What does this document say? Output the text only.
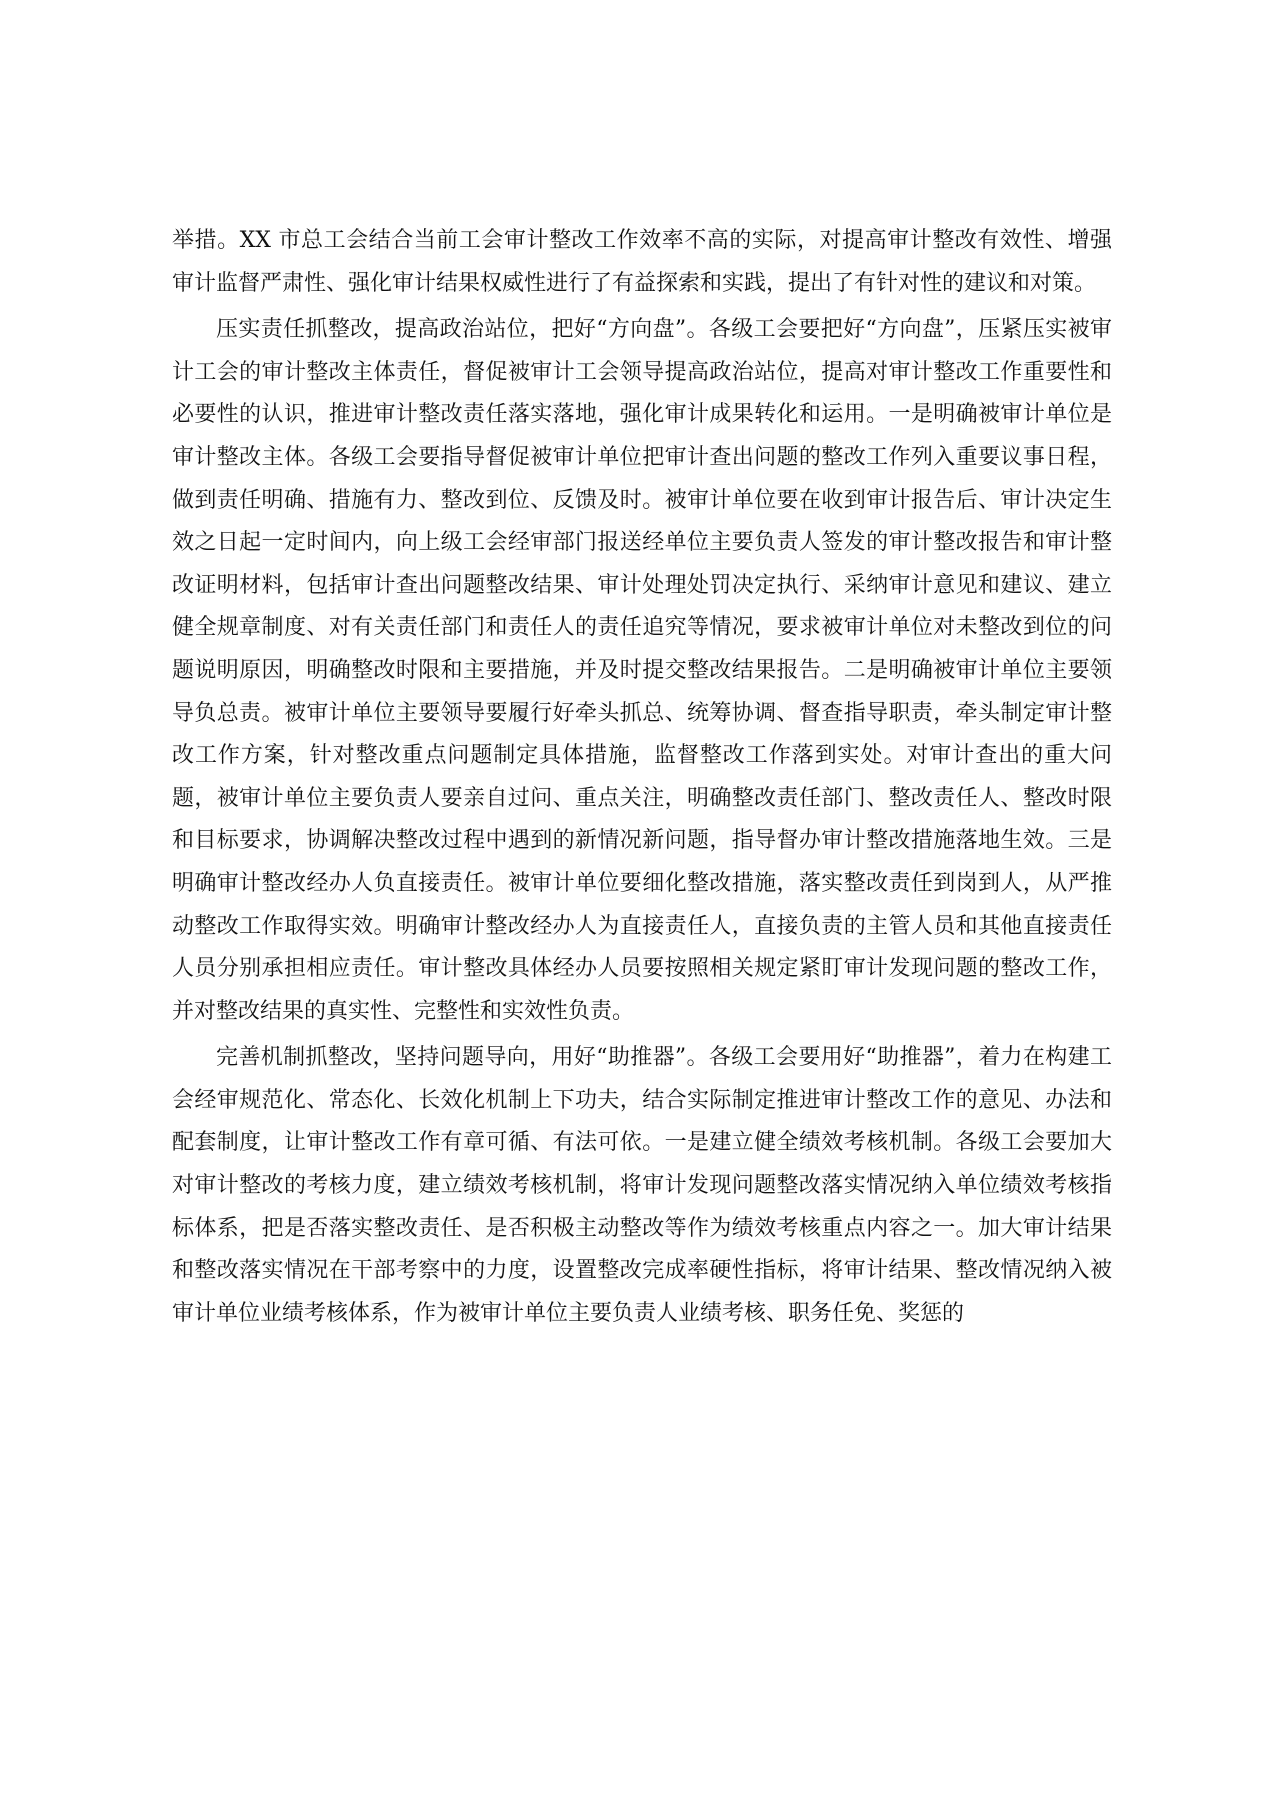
举措。XX 市总工会结合当前工会审计整改工作效率不高的实际，对提高审计整改有效性、增强审计监督严肃性、强化审计结果权威性进行了有益探索和实践，提出了有针对性的建议和对策。

压实责任抓整改，提高政治站位，把好“方向盘”。各级工会要把好“方向盘”，压紧压实被审计工会的审计整改主体责任，督促被审计工会领导提高政治站位，提高对审计整改工作重要性和必要性的认识，推进审计整改责任落实落地，强化审计成果转化和运用。一是明确被审计单位是审计整改主体。各级工会要指导督促被审计单位把审计查出问题的整改工作列入重要议事日程，做到责任明确、措施有力、整改到位、反馈及时。被审计单位要在收到审计报告后、审计决定生效之日起一定时间内，向上级工会经审部门报送经单位主要负责人签发的审计整改报告和审计整改证明材料，包括审计查出问题整改结果、审计处理处罚决定执行、采纳审计意见和建议、建立健全规章制度、对有关责任部门和责任人的责任追究等情况，要求被审计单位对未整改到位的问题说明原因，明确整改时限和主要措施，并及时提交整改结果报告。二是明确被审计单位主要领导负总责。被审计单位主要领导要履行好牵头抓总、统筹协调、督查指导职责，牵头制定审计整改工作方案，针对整改重点问题制定具体措施，监督整改工作落到实处。对审计查出的重大问题，被审计单位主要负责人要亲自过问、重点关注，明确整改责任部门、整改责任人、整改时限和目标要求，协调解决整改过程中遇到的新情况新问题，指导督办审计整改措施落地生效。三是明确审计整改经办人负直接责任。被审计单位要细化整改措施，落实整改责任到岗到人，从严推动整改工作取得实效。明确审计整改经办人为直接责任人，直接负责的主管人员和其他直接责任人员分别承担相应责任。审计整改具体经办人员要按照相关规定紧盯审计发现问题的整改工作，并对整改结果的真实性、完整性和实效性负责。

完善机制抓整改，坚持问题导向，用好“助推器”。各级工会要用好“助推器”，着力在构建工会经审规范化、常态化、长效化机制上下功夫，结合实际制定推进审计整改工作的意见、办法和配套制度，让审计整改工作有章可循、有法可依。一是建立健全绩效考核机制。各级工会要加大对审计整改的考核力度，建立绩效考核机制，将审计发现问题整改落实情况纳入单位绩效考核指标体系，把是否落实整改责任、是否积极主动整改等作为绩效考核重点内容之一。加大审计结果和整改落实情况在干部考察中的力度，设置整改完成率硬性指标，将审计结果、整改情况纳入被审计单位业绩考核体系，作为被审计单位主要负责人业绩考核、职务任免、奖惩的
